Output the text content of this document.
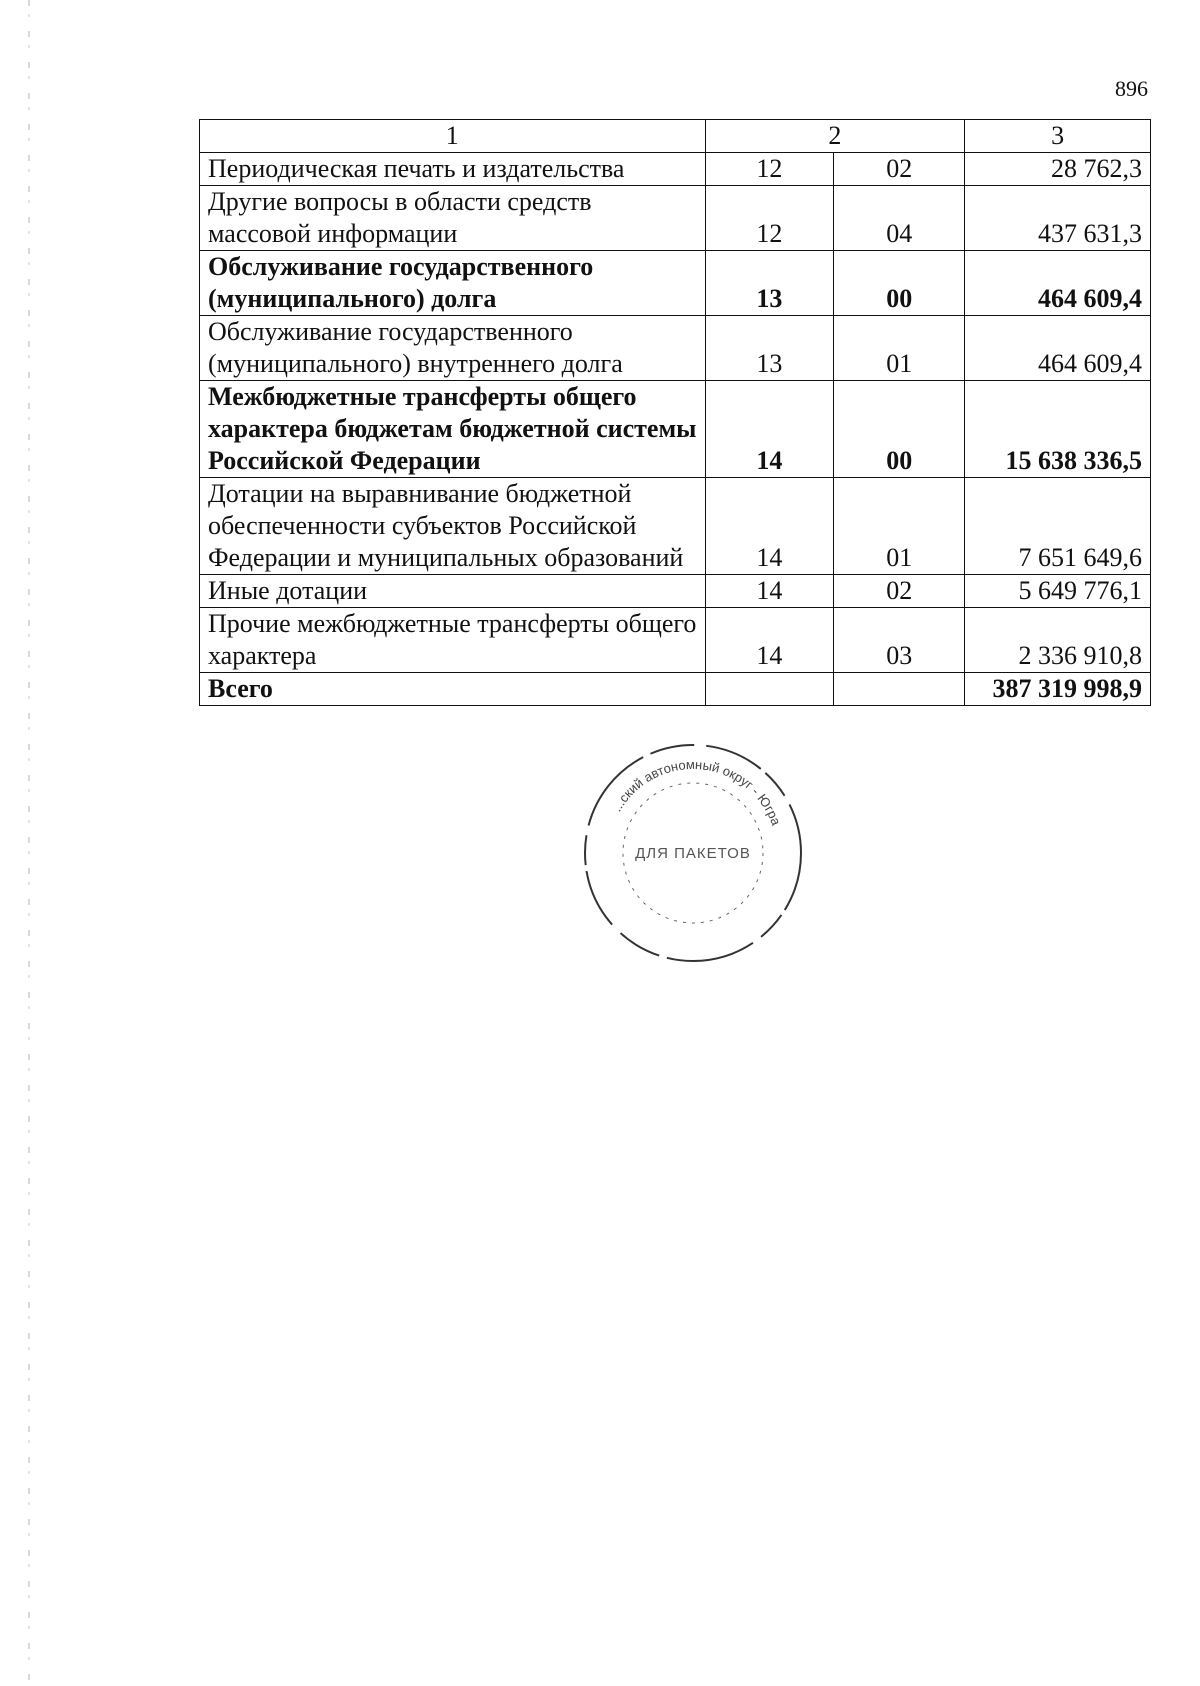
896
1	2		3
Периодическая печать и издательства	12	02	28 762,3
Другие вопросы в области средств массовой информации	12	04	437 631,3
Обслуживание государственного (муниципального) долга	13	00	464 609,4
Обслуживание государственного (муниципального) внутреннего долга	13	01	464 609,4
Межбюджетные трансферты общего характера бюджетам бюджетной системы Российской Федерации	14	00	15 638 336,5
Дотации на выравнивание бюджетной обеспеченности субъектов Российской Федерации и муниципальных образований	14	01	7 651 649,6
Иные дотации	14	02	5 649 776,1
Прочие межбюджетные трансферты общего характера	14	03	2 336 910,8
Всего			387 319 998,9
...ский автономный округ - Югра
ДЛЯ ПАКЕТОВ
